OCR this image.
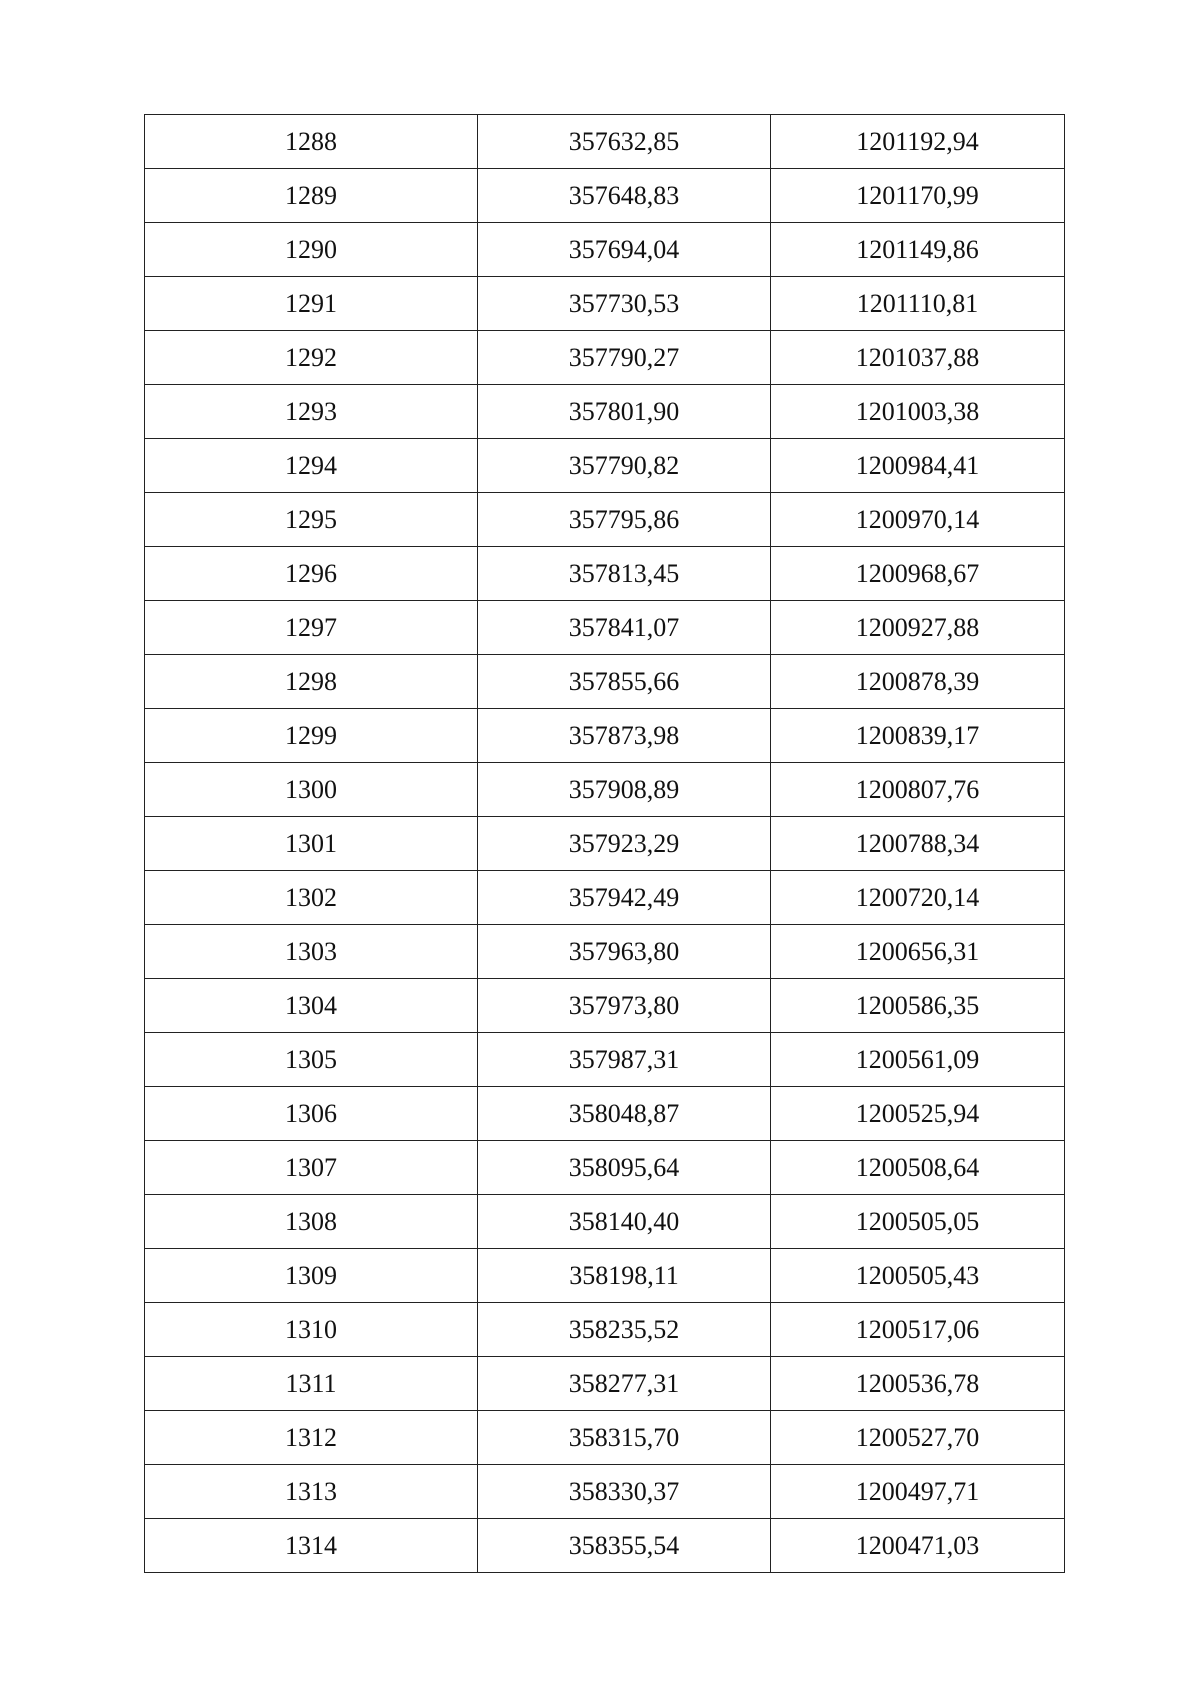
1288	357632,85	1201192,94
1289	357648,83	1201170,99
1290	357694,04	1201149,86
1291	357730,53	1201110,81
1292	357790,27	1201037,88
1293	357801,90	1201003,38
1294	357790,82	1200984,41
1295	357795,86	1200970,14
1296	357813,45	1200968,67
1297	357841,07	1200927,88
1298	357855,66	1200878,39
1299	357873,98	1200839,17
1300	357908,89	1200807,76
1301	357923,29	1200788,34
1302	357942,49	1200720,14
1303	357963,80	1200656,31
1304	357973,80	1200586,35
1305	357987,31	1200561,09
1306	358048,87	1200525,94
1307	358095,64	1200508,64
1308	358140,40	1200505,05
1309	358198,11	1200505,43
1310	358235,52	1200517,06
1311	358277,31	1200536,78
1312	358315,70	1200527,70
1313	358330,37	1200497,71
1314	358355,54	1200471,03
